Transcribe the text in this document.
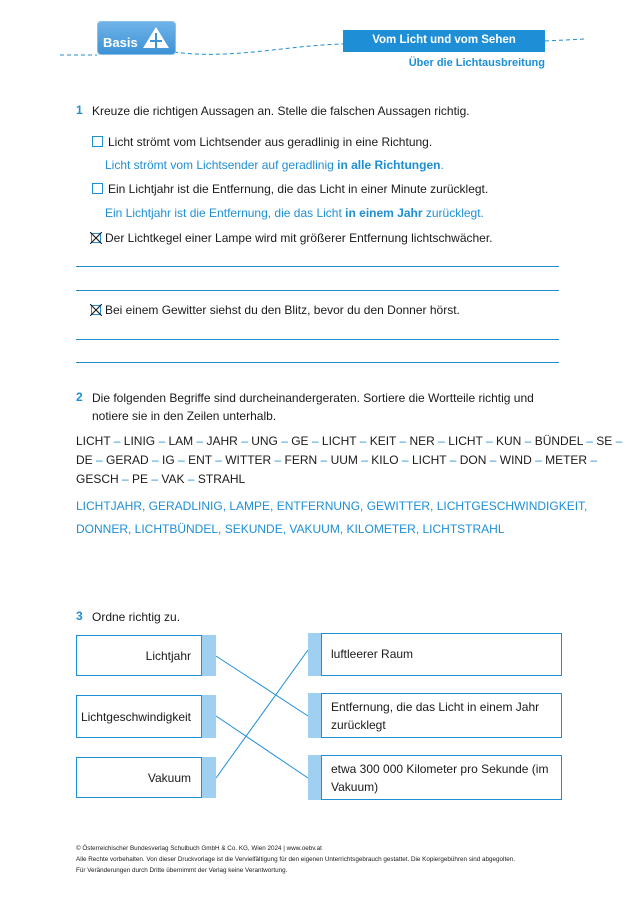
Basis	Vom Licht und vom Sehen
Über die Lichtausbreitung
1 Kreuze die richtigen Aussagen an. Stelle die falschen Aussagen richtig.
Licht strömt vom Lichtsender aus geradlinig in eine Richtung.
Licht strömt vom Lichtsender auf geradlinig in alle Richtungen.
Ein Lichtjahr ist die Entfernung, die das Licht in einer Minute zurücklegt.
Ein Lichtjahr ist die Entfernung, die das Licht in einem Jahr zurücklegt.
Der Lichtkegel einer Lampe wird mit größerer Entfernung lichtschwächer.
Bei einem Gewitter siehst du den Blitz, bevor du den Donner hörst.
2 Die folgenden Begriffe sind durcheinandergeraten. Sortiere die Wortteile richtig und
notiere sie in den Zeilen unterhalb.
LICHT – LINIG – LAM – JAHR – UNG – GE – LICHT – KEIT – NER – LICHT – KUN – BÜNDEL – SE –
DE – GERAD – IG – ENT – WITTER – FERN – UUM – KILO – LICHT – DON – WIND – METER –
GESCH – PE – VAK – STRAHL
LICHTJAHR, GERADLINIG, LAMPE, ENTFERNUNG, GEWITTER, LICHTGESCHWINDIGKEIT,
DONNER, LICHTBÜNDEL, SEKUNDE, VAKUUM, KILOMETER, LICHTSTRAHL
3 Ordne richtig zu.
Lichtjahr
Lichtgeschwindigkeit
Vakuum
luftleerer Raum
Entfernung, die das Licht in einem Jahr
zurücklegt
etwa 300 000 Kilometer pro Sekunde (im
Vakuum)
© Österreichischer Bundesverlag Schulbuch GmbH & Co. KG, Wien 2024 | www.oebv.at
Alle Rechte vorbehalten. Von dieser Druckvorlage ist die Vervielfältigung für den eigenen Unterrichtsgebrauch gestattet. Die Kopiergebühren sind abgegolten.
Für Veränderungen durch Dritte übernimmt der Verlag keine Verantwortung.
